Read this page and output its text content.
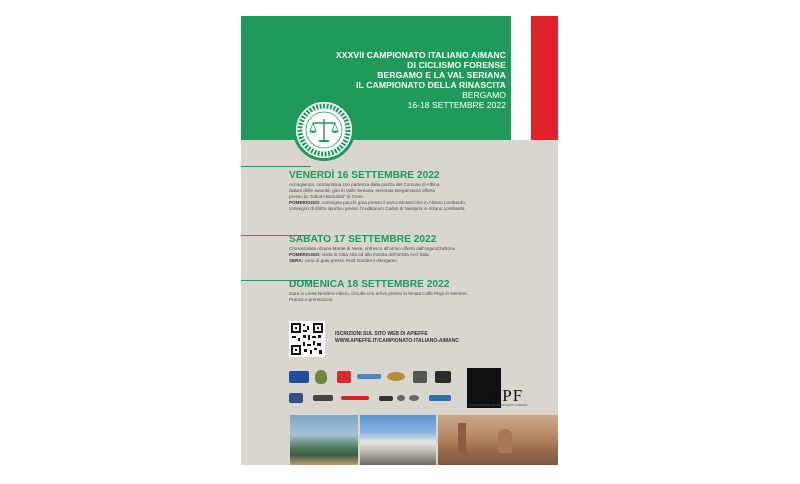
XXXVII CAMPIONATO ITALIANO AIMANC
DI CICLISMO FORENSE
BERGAMO E LA VAL SERIANA
IL CAMPIONATO DELLA RINASCITA
BERGAMO
16-18 SETTEMBRE 2022
VENERDÌ 16 SETTEMBRE 2022

Accoglienza, cicloturistica con partenza dalla piazza del Comune di Albino.

Saluto delle autorità, giro in Valle Seriana, merenda Bergamasca offerta

presso la "Salumi Bortolotti" di Cene.

POMERIGGIO: consegna pacchi gara presso il parco Montecchio in Alzano Lombardo,

convegno di diritto sportivo presso l'Auditorium Caduti di Nassyria in Alzano Lombardo.

SABATO 17 SETTEMBRE 2022

Cronoscalata Alzano-Monte di Nese, rinfresco all'arrivo offerto dall'organizzazione.

POMERIGGIO: visita in Città Alta ed alla mostra dell'artista Arcì Sala.

SERA: cena di gala presso Roof Garden in Bergamo.

DOMENICA 18 SETTEMBRE 2022

Gara in Linea Nembro-Albino, circuito con arrivo presso la tenuta Colle Piajo in Nembro.

Pranzo e premiazioni.

ISCRIZIONI SUL SITO WEB DI APIEFFE
WWW.APIEFFE.IT/CAMPIONATO-ITALIANO-AIMANC
APF
ASSOCIAZIONE PROFESSIONISTI FORENSI
